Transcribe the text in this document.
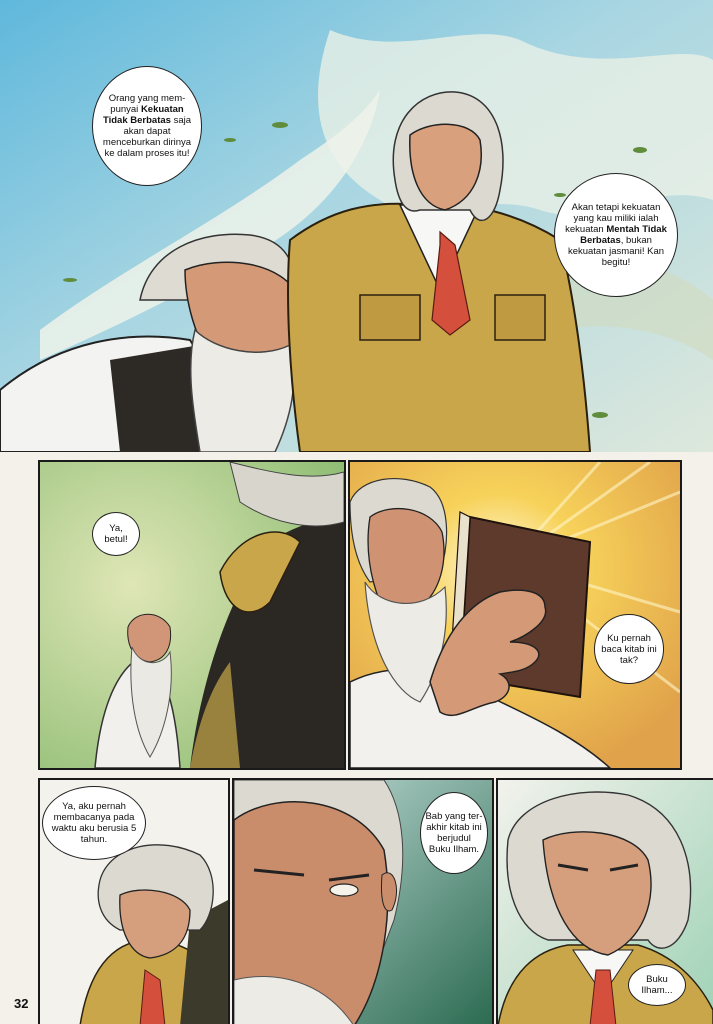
Orang yang mem- punyai Kekuatan Tidak Berbatas saja akan dapat menceburkan dirinya ke dalam proses itu!
Akan tetapi kekuatan yang kau miliki ialah kekuatan Mentah Tidak Berbatas, bukan kekuatan jasmani! Kan begitu!
Ya, betul!
Ku pernah baca kitab ini tak?
Ya, aku pernah membacanya pada waktu aku berusia 5 tahun.
Bab yang ter- akhir kitab ini berjudul Buku Ilham.
Buku Ilham...
32
